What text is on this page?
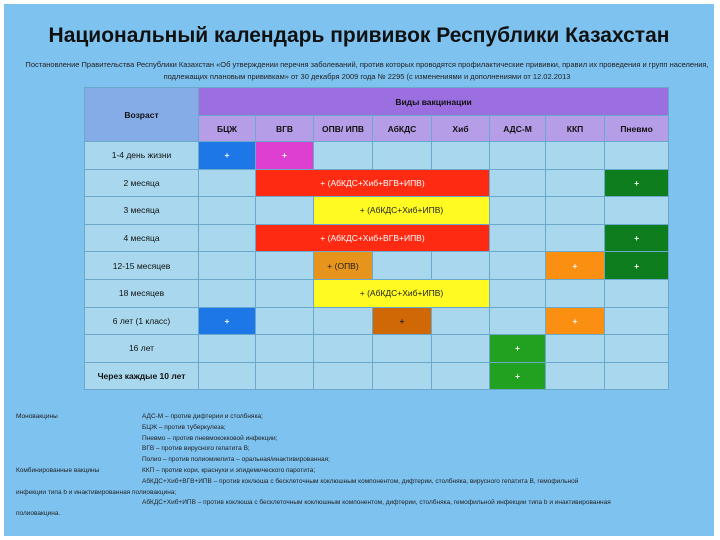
Национальный календарь прививок Республики Казахстан
Постановление Правительства Республики Казахстан «Об утверждении перечня заболеваний, против которых проводятся профилактические прививки, правил их проведения и групп населения, подлежащих плановым прививкам» от 30 декабря 2009 года № 2295 (с изменениями и дополнениями от 12.02.2013
Возраст	Виды вакцинации							
	БЦЖ	ВГВ	ОПВ/ ИПВ	АбКДС	Хиб	АДС-М	ККП	Пневмо
1-4 день жизни	+	+						
2 месяца		+ (АбКДС+Хиб+ВГВ+ИПВ)						+
3 месяца			+ (АбКДС+Хиб+ИПВ)					
4 месяца		+ (АбКДС+Хиб+ВГВ+ИПВ)						+
12-15 месяцев			+ (ОПВ)				+	+
18 месяцев			+ (АбКДС+Хиб+ИПВ)					
6 лет (1 класс)	+			+			+	
16 лет						+		
Через каждые 10 лет						+		
Моновакцины	АДС-М – против дифтерии и столбняка;
БЦЖ – против туберкулеза;
Пневмо – против пневмококковой инфекции;
ВГВ – против вирусного гепатита В;
Полио – против полиомиелита – оральная/инактивированная;
Комбинированные вакцины	ККП – против кори, краснухи и эпидемического паротита;
АбКДС+Хиб+ВГВ+ИПВ – против коклюша с бесклеточным коклюшным компонентом, дифтерии, столбняка, вирусного гепатита В, гемофильной
инфекции типа b и инактивированная полиовакцина;
АбКДС+Хиб+ИПВ – против коклюша с бесклеточным коклюшным компонентом, дифтерии, столбняка, гемофильной инфекции типа b и инактивированная
полиовакцина.
